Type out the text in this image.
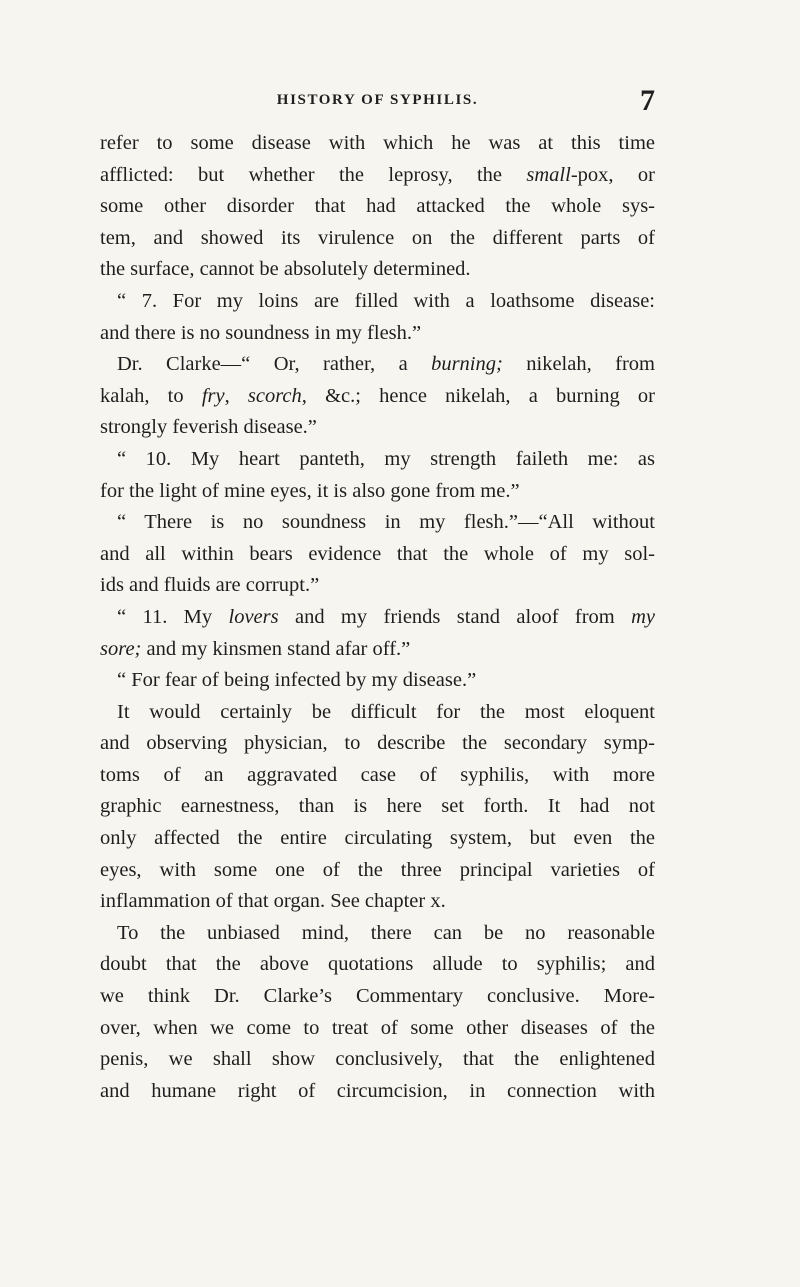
HISTORY OF SYPHILIS.	7
refer to some disease with which he was at this time
afflicted: but whether the leprosy, the small-pox, or
some other disorder that had attacked the whole sys-
tem, and showed its virulence on the different parts of
the surface, cannot be absolutely determined.
“ 7. For my loins are filled with a loathsome disease:
and there is no soundness in my flesh.”
Dr. Clarke—“ Or, rather, a burning; nikelah, from
kalah, to fry, scorch, &c.; hence nikelah, a burning or
strongly feverish disease.”
“ 10. My heart panteth, my strength faileth me: as
for the light of mine eyes, it is also gone from me.”
“ There is no soundness in my flesh.”—“All without
and all within bears evidence that the whole of my sol-
ids and fluids are corrupt.”
“ 11. My lovers and my friends stand aloof from my
sore; and my kinsmen stand afar off.”
“ For fear of being infected by my disease.”
It would certainly be difficult for the most eloquent
and observing physician, to describe the secondary symp-
toms of an aggravated case of syphilis, with more
graphic earnestness, than is here set forth. It had not
only affected the entire circulating system, but even the
eyes, with some one of the three principal varieties of
inflammation of that organ. See chapter x.
To the unbiased mind, there can be no reasonable
doubt that the above quotations allude to syphilis; and
we think Dr. Clarke’s Commentary conclusive. More-
over, when we come to treat of some other diseases of the
penis, we shall show conclusively, that the enlightened
and humane right of circumcision, in connection with
